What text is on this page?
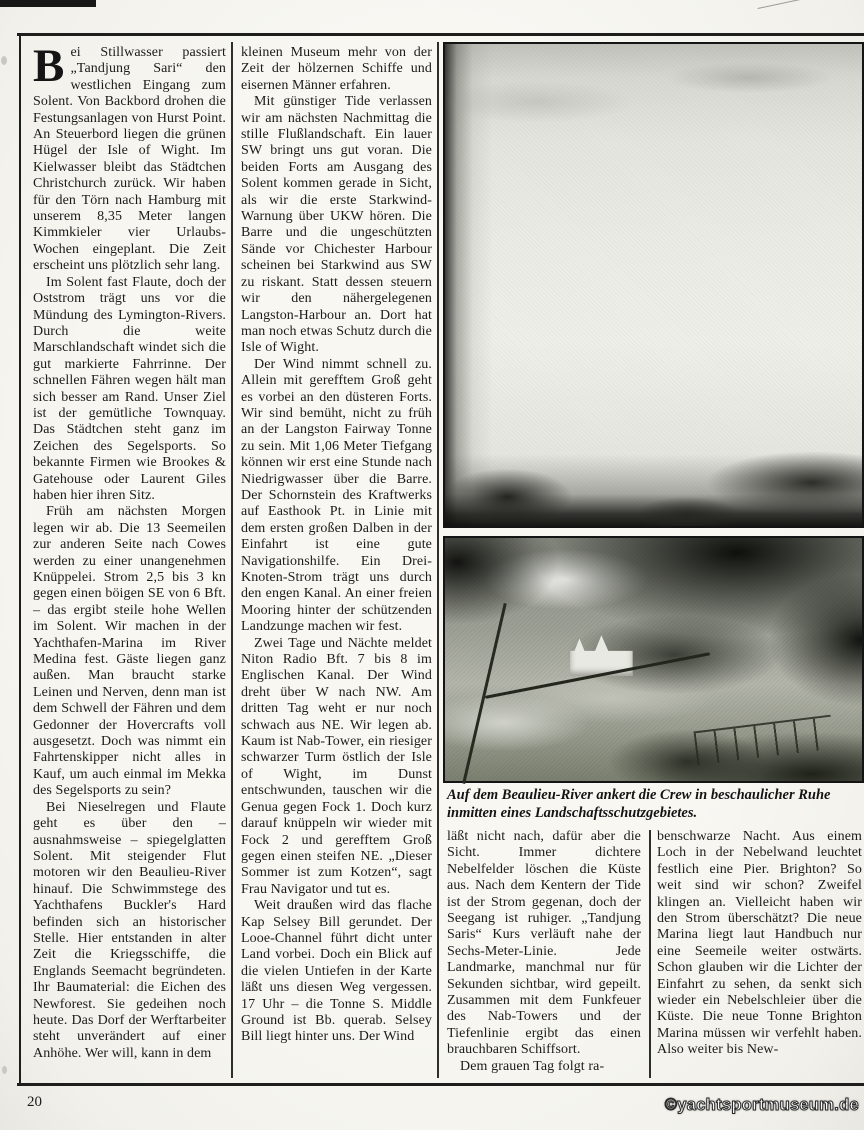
Bei Stillwasser passiert „Tandjung Sari“ den westlichen Eingang zum Solent. Von Backbord drohen die Festungsanlagen von Hurst Point. An Steuerbord liegen die grünen Hügel der Isle of Wight. Im Kielwasser bleibt das Städtchen Christchurch zurück. Wir haben für den Törn nach Hamburg mit unserem 8,35 Meter langen Kimmkieler vier Urlaubs-Wochen eingeplant. Die Zeit erscheint uns plötzlich sehr lang.

Im Solent fast Flaute, doch der Oststrom trägt uns vor die Mündung des Lymington-Rivers. Durch die weite Marschlandschaft windet sich die gut markierte Fahrrinne. Der schnellen Fähren wegen hält man sich besser am Rand. Unser Ziel ist der gemütliche Townquay. Das Städtchen steht ganz im Zeichen des Segelsports. So bekannte Firmen wie Brookes & Gatehouse oder Laurent Giles haben hier ihren Sitz.

Früh am nächsten Morgen legen wir ab. Die 13 Seemeilen zur anderen Seite nach Cowes werden zu einer unangenehmen Knüppelei. Strom 2,5 bis 3 kn gegen einen böigen SE von 6 Bft. – das ergibt steile hohe Wellen im Solent. Wir machen in der Yachthafen-Marina im River Medina fest. Gäste liegen ganz außen. Man braucht starke Leinen und Nerven, denn man ist dem Schwell der Fähren und dem Gedonner der Hovercrafts voll ausgesetzt. Doch was nimmt ein Fahrtenskipper nicht alles in Kauf, um auch einmal im Mekka des Segelsports zu sein?

Bei Nieselregen und Flaute geht es über den – ausnahmsweise – spiegelglatten Solent. Mit steigender Flut motoren wir den Beaulieu-River hinauf. Die Schwimmstege des Yachthafens Buckler's Hard befinden sich an historischer Stelle. Hier entstanden in alter Zeit die Kriegsschiffe, die Englands Seemacht begründeten. Ihr Baumaterial: die Eichen des Newforest. Sie gedeihen noch heute. Das Dorf der Werftarbeiter steht unverändert auf einer Anhöhe. Wer will, kann in dem

kleinen Museum mehr von der Zeit der hölzernen Schiffe und eisernen Männer erfahren.

Mit günstiger Tide verlassen wir am nächsten Nachmittag die stille Flußlandschaft. Ein lauer SW bringt uns gut voran. Die beiden Forts am Ausgang des Solent kommen gerade in Sicht, als wir die erste Starkwind-Warnung über UKW hören. Die Barre und die ungeschützten Sände vor Chichester Harbour scheinen bei Starkwind aus SW zu riskant. Statt dessen steuern wir den nähergelegenen Langston-Harbour an. Dort hat man noch etwas Schutz durch die Isle of Wight.

Der Wind nimmt schnell zu. Allein mit gerefftem Groß geht es vorbei an den düsteren Forts. Wir sind bemüht, nicht zu früh an der Langston Fairway Tonne zu sein. Mit 1,06 Meter Tiefgang können wir erst eine Stunde nach Niedrigwasser über die Barre. Der Schornstein des Kraftwerks auf Easthook Pt. in Linie mit dem ersten großen Dalben in der Einfahrt ist eine gute Navigationshilfe. Ein Drei-Knoten-Strom trägt uns durch den engen Kanal. An einer freien Mooring hinter der schützenden Landzunge machen wir fest.

Zwei Tage und Nächte meldet Niton Radio Bft. 7 bis 8 im Englischen Kanal. Der Wind dreht über W nach NW. Am dritten Tag weht er nur noch schwach aus NE. Wir legen ab. Kaum ist Nab-Tower, ein riesiger schwarzer Turm östlich der Isle of Wight, im Dunst entschwunden, tauschen wir die Genua gegen Fock 1. Doch kurz darauf knüppeln wir wieder mit Fock 2 und gerefftem Groß gegen einen steifen NE. „Dieser Sommer ist zum Kotzen“, sagt Frau Navigator und tut es.

Weit draußen wird das flache Kap Selsey Bill gerundet. Der Looe-Channel führt dicht unter Land vorbei. Doch ein Blick auf die vielen Untiefen in der Karte läßt uns diesen Weg vergessen. 17 Uhr – die Tonne S. Middle Ground ist Bb. querab. Selsey Bill liegt hinter uns. Der Wind

Auf dem Beaulieu-River ankert die Crew in beschaulicher Ruhe inmitten eines Landschaftsschutzgebietes.

läßt nicht nach, dafür aber die Sicht. Immer dichtere Nebelfelder löschen die Küste aus. Nach dem Kentern der Tide ist der Strom gegenan, doch der Seegang ist ruhiger. „Tandjung Saris“ Kurs verläuft nahe der Sechs-Meter-Linie. Jede Landmarke, manchmal nur für Sekunden sichtbar, wird gepeilt. Zusammen mit dem Funkfeuer des Nab-Towers und der Tiefenlinie ergibt das einen brauchbaren Schiffsort.

Dem grauen Tag folgt ra-

benschwarze Nacht. Aus einem Loch in der Nebelwand leuchtet festlich eine Pier. Brighton? So weit sind wir schon? Zweifel klingen an. Vielleicht haben wir den Strom überschätzt? Die neue Marina liegt laut Handbuch nur eine Seemeile weiter ostwärts. Schon glauben wir die Lichter der Einfahrt zu sehen, da senkt sich wieder ein Nebelschleier über die Küste. Die neue Tonne Brighton Marina müssen wir verfehlt haben. Also weiter bis New-

20	©yachtsportmuseum.de
